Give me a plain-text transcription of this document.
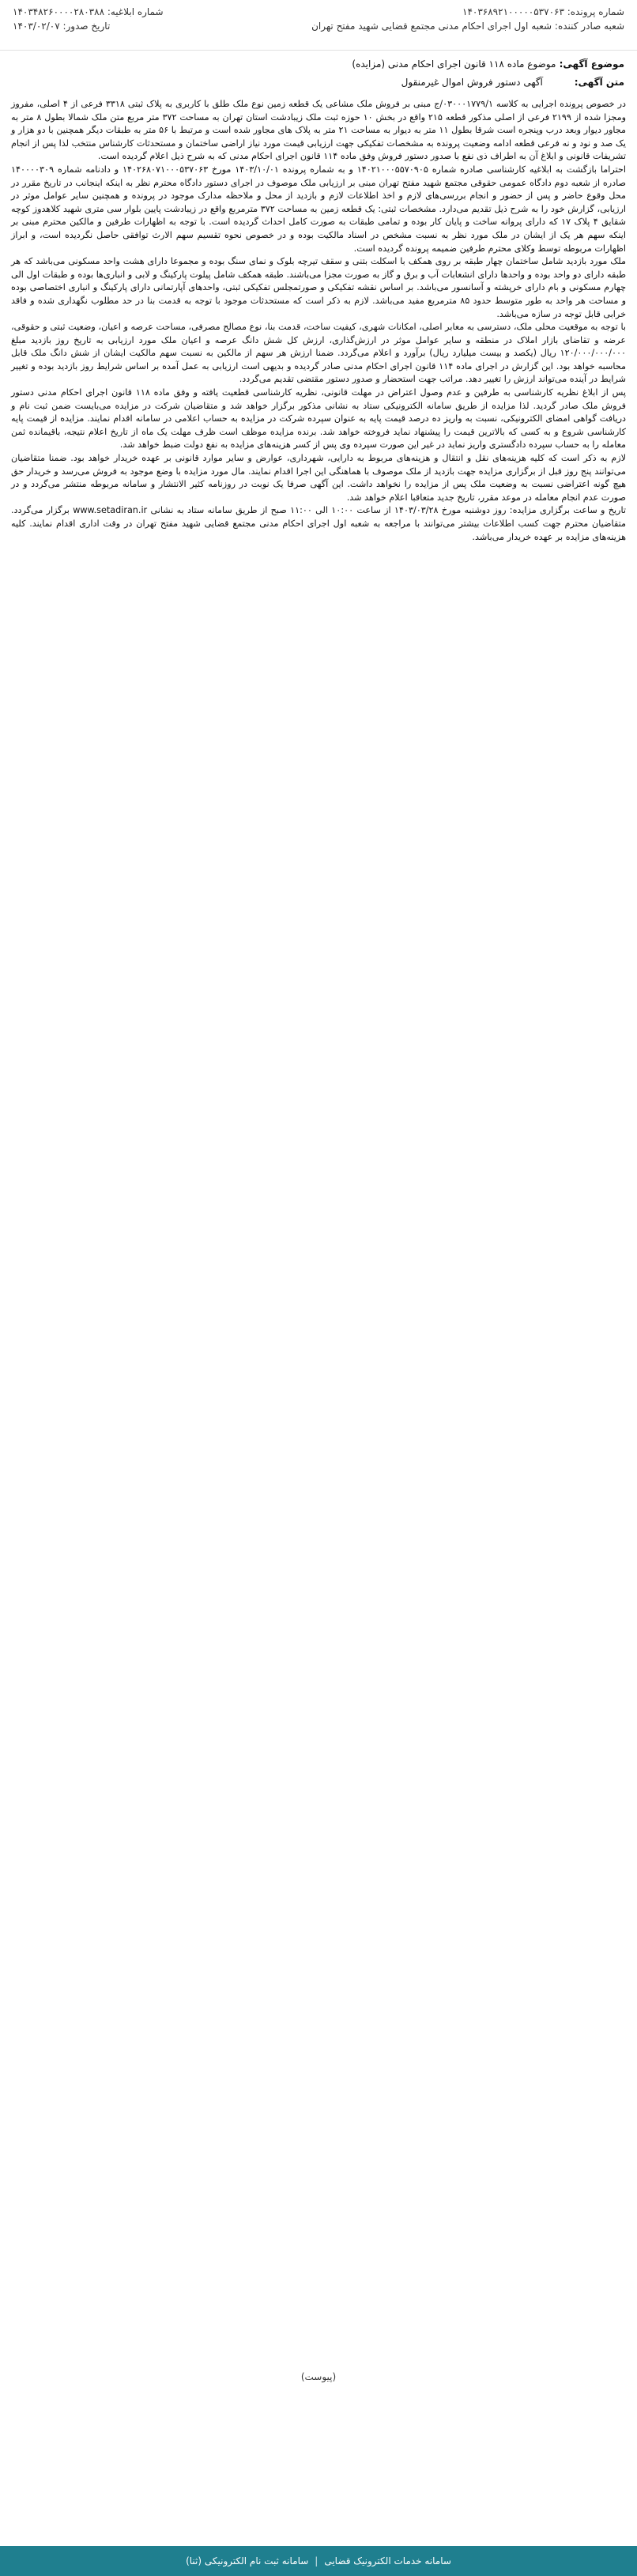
شماره پرونده: ۱۴۰۳۶۸۹۲۱۰۰۰۰۰۵۳۷۰۶۳
شماره ابلاغیه: ۱۴۰۳۴۸۲۶۰۰۰۰۲۸۰۳۸۸
شعبه صادر کننده: شعبه اول اجرای احکام مدنی مجتمع قضایی شهید مفتح تهران
تاریخ صدور: ۱۴۰۳/۰۲/۰۷
موضوع آگهی: موضوع ماده ۱۱۸ قانون اجرای احکام مدنی (مزایده)
متن آگهی: آگهی دستور فروش اموال غیرمنقول

در خصوص پرونده اجرایی به کلاسه ۰۳۰۰۰۱۷۷۹/۱/ج مبنی بر فروش ملک مشاعی یک قطعه زمین نوع ملک طلق با کاربری به پلاک ثبتی ۳۳۱۸ فرعی از ۴ اصلی، مفروز ومجزا شده از ۲۱۹۹ فرعی از اصلی مذکور قطعه ۲۱۵ واقع در بخش ۱۰ حوزه ثبت ملک زیبادشت استان تهران به مساحت ۳۷۲ متر مربع متن ملک شمالا بطول ۸ متر به مجاور دیوار وبعد درب وپنجره است شرقا بطول ۱۱ متر به دیوار به مساحت ۲۱ متر به پلاک های مجاور شده است و مرتبط با ۵۶ متر به طبقات دیگر همچنین با دو هزار و یک صد و نود و نه فرعی قطعه ادامه وضعیت پرونده به مشخصات تفکیکی جهت ارزیابی قیمت مورد نیاز اراضی ساختمان و مستحدثات کارشناس منتخب لذا پس از انجام تشریفات قانونی و ابلاغ آن به اطراف ذی نفع با صدور دستور فروش وفق ماده ۱۱۴ قانون اجرای احکام مدنی که به شرح ذیل اعلام گردیده است.

احتراما بازگشت به ابلاغیه کارشناسی صادره شماره ۱۴۰۲۱۰۰۰۵۵۷۰۹۰۵ و به شماره پرونده ۱۴۰۳/۱۰/۰۱ مورخ ۱۴۰۲۶۸۰۷۱۰۰۰۵۳۷۰۶۳ و دادنامه شماره ۱۴۰۰۰۰۳۰۹ صادره از شعبه دوم دادگاه عمومی حقوقی مجتمع شهید مفتح تهران مبنی بر ارزیابی ملک موصوف در اجرای دستور دادگاه محترم نظر به اینکه اینجانب در تاریخ مقرر در محل وقوع حاضر و پس از حضور و انجام بررسی‌های لازم و اخذ اطلاعات لازم و بازدید از محل و ملاحظه مدارک موجود در پرونده و همچنین سایر عوامل موثر در ارزیابی، گزارش خود را به شرح ذیل تقدیم می‌دارد. مشخصات ثبتی: یک قطعه زمین به مساحت ۳۷۲ مترمربع واقع در زیبادشت پایین بلوار سی متری شهید کلاهدوز کوچه شقایق ۴ پلاک ۱۷ که دارای پروانه ساخت و پایان کار بوده و تمامی طبقات به صورت کامل احداث گردیده است. با توجه به اظهارات طرفین و مالکین محترم مبنی بر اینکه سهم هر یک از ایشان در ملک مورد نظر به نسبت مشخص در اسناد مالکیت بوده و در خصوص نحوه تقسیم سهم الارث توافقی حاصل نگردیده است، و ابراز اظهارات مربوطه توسط وکلای محترم طرفین ضمیمه پرونده گردیده است.

ملک مورد بازدید شامل ساختمان چهار طبقه بر روی همکف با اسکلت بتنی و سقف تیرچه بلوک و نمای سنگ بوده و مجموعا دارای هشت واحد مسکونی می‌باشد که هر طبقه دارای دو واحد بوده و واحدها دارای انشعابات آب و برق و گاز به صورت مجزا می‌باشند. طبقه همکف شامل پیلوت پارکینگ و لابی و انباری‌ها بوده و طبقات اول الی چهارم مسکونی و بام دارای خرپشته و آسانسور می‌باشد. بر اساس نقشه تفکیکی و صورتمجلس تفکیکی ثبتی، واحدهای آپارتمانی دارای پارکینگ و انباری اختصاصی بوده و مساحت هر واحد به طور متوسط حدود ۸۵ مترمربع مفید می‌باشد. لازم به ذکر است که مستحدثات موجود با توجه به قدمت بنا در حد مطلوب نگهداری شده و فاقد خرابی قابل توجه در سازه می‌باشد.

با توجه به موقعیت محلی ملک، دسترسی به معابر اصلی، امکانات شهری، کیفیت ساخت، قدمت بنا، نوع مصالح مصرفی، مساحت عرصه و اعیان، وضعیت ثبتی و حقوقی، عرضه و تقاضای بازار املاک در منطقه و سایر عوامل موثر در ارزش‌گذاری، ارزش کل شش دانگ عرصه و اعیان ملک مورد ارزیابی به تاریخ روز بازدید مبلغ ۱۲۰/۰۰۰/۰۰۰/۰۰۰ ریال (یکصد و بیست میلیارد ریال) برآورد و اعلام می‌گردد. ضمنا ارزش هر سهم از مالکین به نسبت سهم مالکیت ایشان از شش دانگ ملک قابل محاسبه خواهد بود. این گزارش در اجرای ماده ۱۱۴ قانون اجرای احکام مدنی صادر گردیده و بدیهی است ارزیابی به عمل آمده بر اساس شرایط روز بازدید بوده و تغییر شرایط در آینده می‌تواند ارزش را تغییر دهد. مراتب جهت استحضار و صدور دستور مقتضی تقدیم می‌گردد.

پس از ابلاغ نظریه کارشناسی به طرفین و عدم وصول اعتراض در مهلت قانونی، نظریه کارشناسی قطعیت یافته و وفق ماده ۱۱۸ قانون اجرای احکام مدنی دستور فروش ملک صادر گردید. لذا مزایده از طریق سامانه الکترونیکی ستاد به نشانی مذکور برگزار خواهد شد و متقاضیان شرکت در مزایده می‌بایست ضمن ثبت نام و دریافت گواهی امضای الکترونیکی، نسبت به واریز ده درصد قیمت پایه به عنوان سپرده شرکت در مزایده به حساب اعلامی در سامانه اقدام نمایند. مزایده از قیمت پایه کارشناسی شروع و به کسی که بالاترین قیمت را پیشنهاد نماید فروخته خواهد شد. برنده مزایده موظف است ظرف مهلت یک ماه از تاریخ اعلام نتیجه، باقیمانده ثمن معامله را به حساب سپرده دادگستری واریز نماید در غیر این صورت سپرده وی پس از کسر هزینه‌های مزایده به نفع دولت ضبط خواهد شد.

لازم به ذکر است که کلیه هزینه‌های نقل و انتقال و هزینه‌های مربوط به دارایی، شهرداری، عوارض و سایر موارد قانونی بر عهده خریدار خواهد بود. ضمنا متقاضیان می‌توانند پنج روز قبل از برگزاری مزایده جهت بازدید از ملک موصوف با هماهنگی این اجرا اقدام نمایند. مال مورد مزایده با وضع موجود به فروش می‌رسد و خریدار حق هیچ گونه اعتراضی نسبت به وضعیت ملک پس از مزایده را نخواهد داشت. این آگهی صرفا یک نوبت در روزنامه کثیر الانتشار و سامانه مربوطه منتشر می‌گردد و در صورت عدم انجام معامله در موعد مقرر، تاریخ جدید متعاقبا اعلام خواهد شد.

تاریخ و ساعت برگزاری مزایده: روز دوشنبه مورخ ۱۴۰۳/۰۳/۲۸ از ساعت ۱۰:۰۰ الی ۱۱:۰۰ صبح از طریق سامانه ستاد به نشانی www.setadiran.ir برگزار می‌گردد. متقاضیان محترم جهت کسب اطلاعات بیشتر می‌توانند با مراجعه به شعبه اول اجرای احکام مدنی مجتمع قضایی شهید مفتح تهران در وقت اداری اقدام نمایند. کلیه هزینه‌های مزایده بر عهده خریدار می‌باشد.

(پیوست)
سامانه خدمات الکترونیک قضایی
|
سامانه ثبت نام الکترونیکی (ثنا)
